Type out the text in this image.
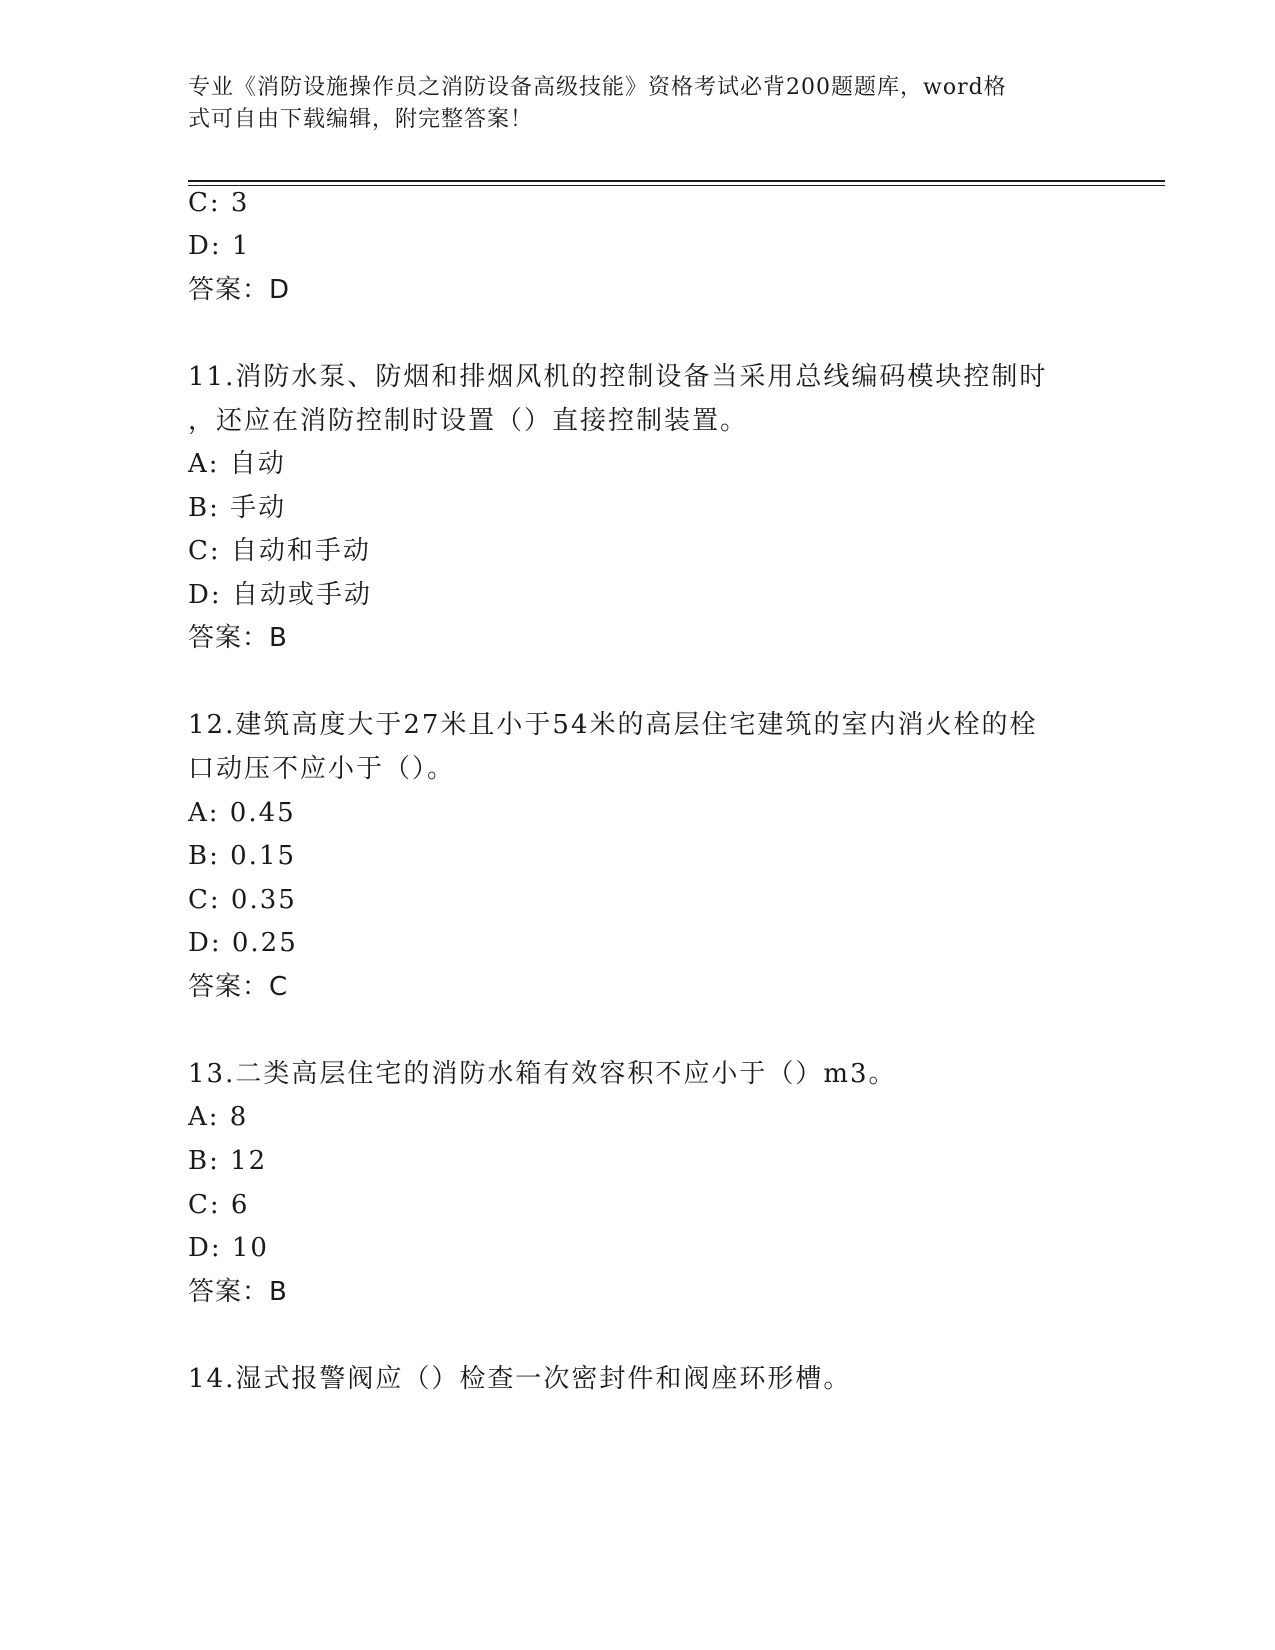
专业《消防设施操作员之消防设备高级技能》资格考试必背200题题库，word格
式可自由下载编辑，附完整答案！
C: 3
D: 1
答案：D
11.消防水泵、防烟和排烟风机的控制设备当采用总线编码模块控制时
，还应在消防控制时设置（）直接控制装置。
A: 自动
B: 手动
C: 自动和手动
D: 自动或手动
答案：B
12.建筑高度大于27米且小于54米的高层住宅建筑的室内消火栓的栓
口动压不应小于（）。
A: 0.45
B: 0.15
C: 0.35
D: 0.25
答案：C
13.二类高层住宅的消防水箱有效容积不应小于（）m3。
A: 8
B: 12
C: 6
D: 10
答案：B
14.湿式报警阀应（）检查一次密封件和阀座环形槽。
